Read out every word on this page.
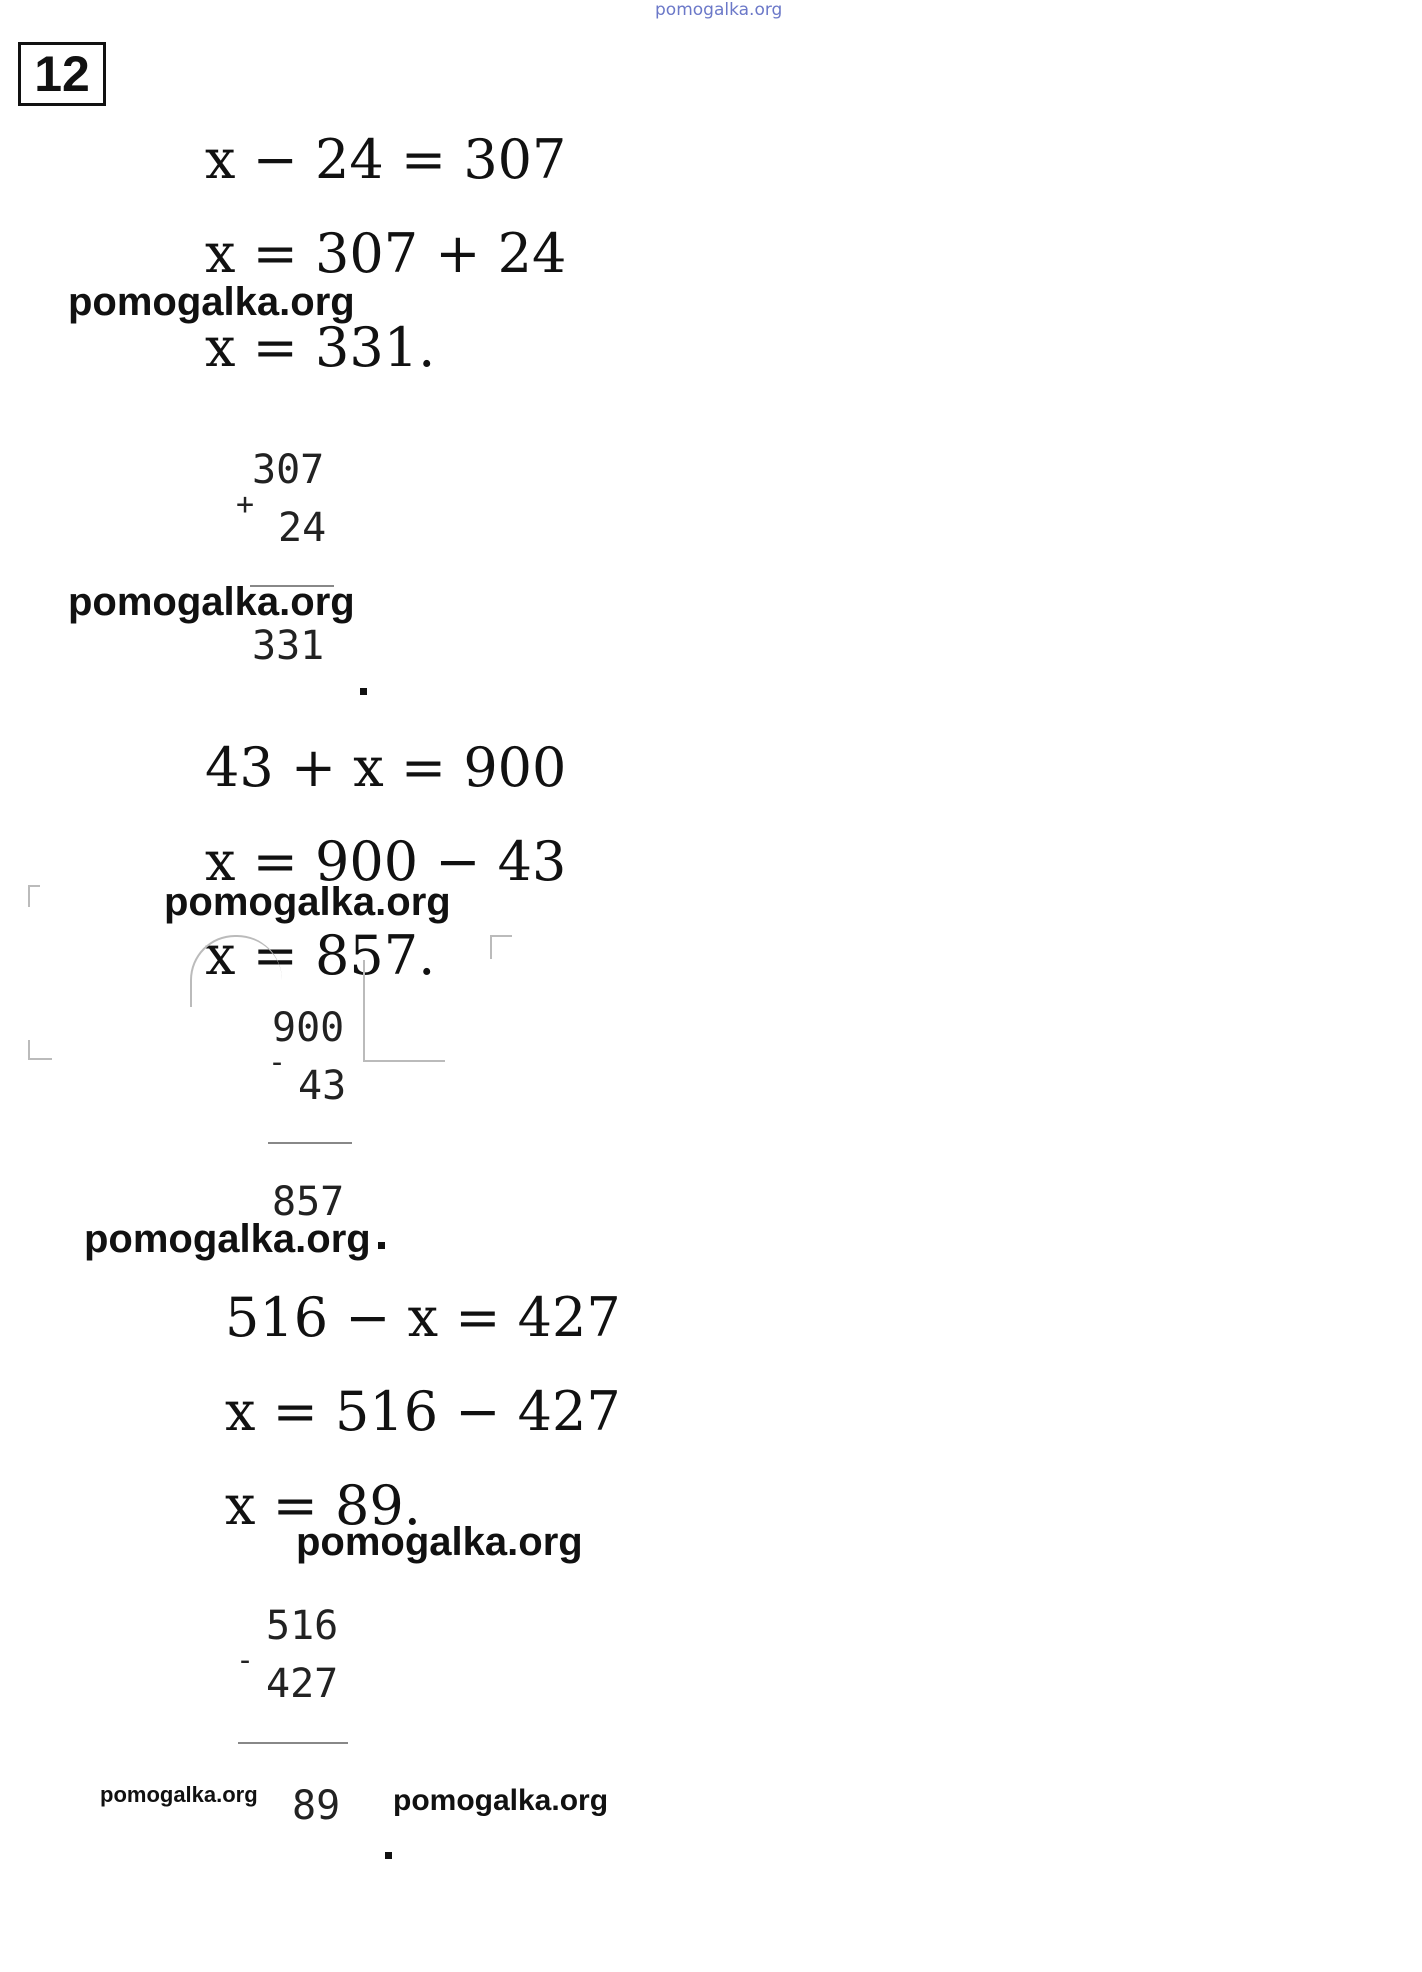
pomogalka.org
12
x − 24 = 307
x = 307 + 24
pomogalka.org
x = 331.
307
+
24
pomogalka.org
331
43 + x = 900
x = 900 − 43
pomogalka.org
x = 857.
900
-
43
857
pomogalka.org
516 − x = 427
x = 516 − 427
x = 89.
pomogalka.org
516
-
427
pomogalka.org 89 pomogalka.org
